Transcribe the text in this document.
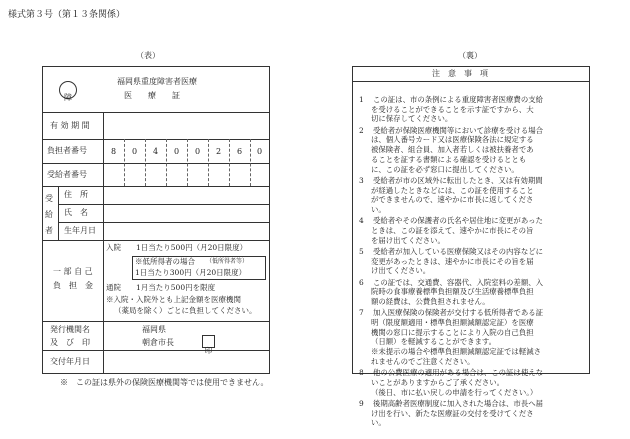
様式第３号（第１３条関係）
（表）	（裏）
障
福岡県重度障害者医療
医　　療　　証
有 効 期 間
負担者番号	8 0 4 0 0 2 6 0
受給者番号
受　給　者
住　所
氏　名
生年月日
一 部 自 己
負　担　金
入院　　1日当たり500円（月20日限度）
※低所得者の場合 （低所得者等）
1日当たり300円（月20日限度）
通院　　1月当たり500円を限度
※入院・入院外とも上記金額を医療機関
（薬局を除く）ごとに負担してください。
発行機関名
及　び　印
福岡県
朝倉市長
印
交付年月日
※　この証は県外の保険医療機関等では使用できません。
注　意　事　項
1 この証は、市の条例による重度障害者医療費の支給
を受けることができることを示す証ですから、大
切に保存してください。
2 受給者が保険医療機関等において診療を受ける場合
は、個人番号カード又は医療保険各法に規定する
被保険者、組合員、加入者若しくは被扶養者であ
ることを証する書類による確認を受けるととも
に、この証を必ず窓口に提出してください。
3 受給者が市の区域外に転出したとき、又は有効期間
が経過したときなどには、この証を使用すること
ができませんので、速やかに市長に返してくださ
い。
4 受給者やその保護者の氏名や居住地に変更があった
ときは、この証を添えて、速やかに市長にその旨
を届け出てください。
5 受給者が加入している医療保険又はその内容などに
変更があったときは、速やかに市長にその旨を届
け出てください。
6 この証では、交通費、容器代、入院室料の差額、入
院時の食事療養標準負担額及び生活療養標準負担
額の経費は、公費負担されません。
7 加入医療保険の保険者が交付する低所得者である証
明（限度額適用・標準負担額減額認定証）を医療
機関の窓口に提示することにより入院の自己負担
（日額）を軽減することができます。
※未提示の場合や標準負担額減額認定証では軽減さ
れませんのでご注意ください。
8 他の公費医療の適用がある場合は、この証は使えな
いことがありますからご了承ください。
（後日、市に払い戻しの申請を行ってください。）
9 後期高齢者医療制度に加入された場合は、市長へ届
け出を行い、新たな医療証の交付を受けてくださ
い。
